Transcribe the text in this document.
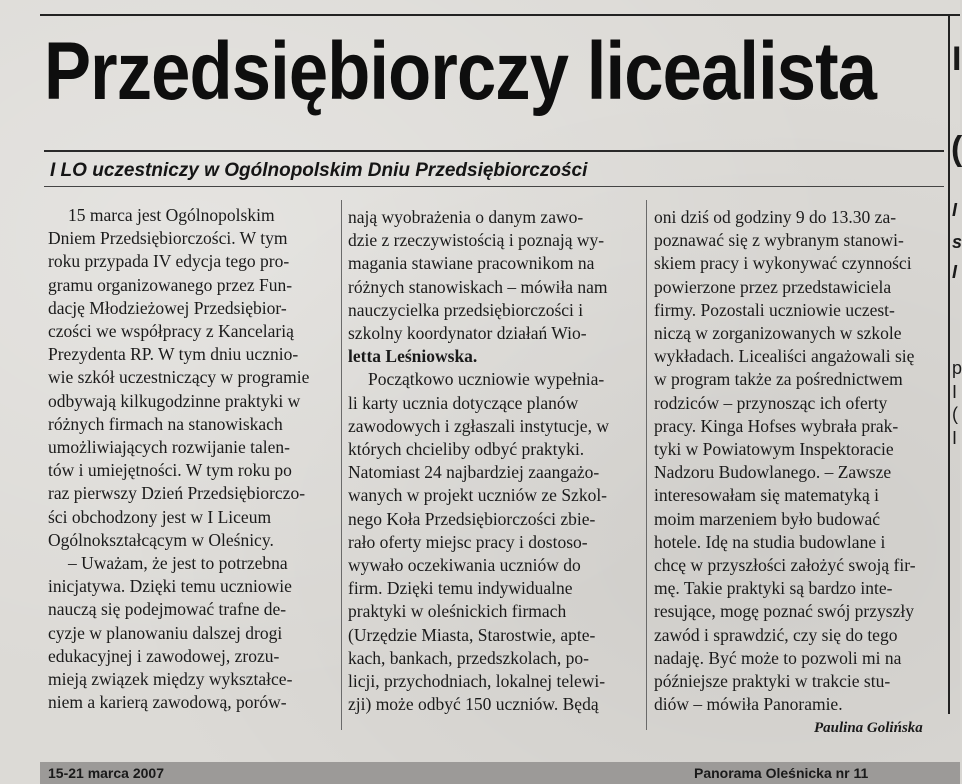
Przedsiębiorczy licealista
I LO uczestniczy w Ogólnopolskim Dniu Przedsiębiorczości

15 marca jest Ogólnopolskim

Dniem Przedsiębiorczości. W tym

roku przypada IV edycja tego pro-

gramu organizowanego przez Fun-

dację Młodzieżowej Przedsiębior-

czości we współpracy z Kancelarią

Prezydenta RP. W tym dniu ucznio-

wie szkół uczestniczący w programie

odbywają kilkugodzinne praktyki w

różnych firmach na stanowiskach

umożliwiających rozwijanie talen-

tów i umiejętności. W tym roku po

raz pierwszy Dzień Przedsiębiorczo-

ści obchodzony jest w I Liceum

Ogólnokształcącym w Oleśnicy.

– Uważam, że jest to potrzebna

inicjatywa. Dzięki temu uczniowie

nauczą się podejmować trafne de-

cyzje w planowaniu dalszej drogi

edukacyjnej i zawodowej, zrozu-

mieją związek między wykształce-

niem a karierą zawodową, porów-

nają wyobrażenia o danym zawo-

dzie z rzeczywistością i poznają wy-

magania stawiane pracownikom na

różnych stanowiskach – mówiła nam

nauczycielka przedsiębiorczości i

szkolny koordynator działań Wio-

letta Leśniowska.

Początkowo uczniowie wypełnia-

li karty ucznia dotyczące planów

zawodowych i zgłaszali instytucje, w

których chcieliby odbyć praktyki.

Natomiast 24 najbardziej zaangażo-

wanych w projekt uczniów ze Szkol-

nego Koła Przedsiębiorczości zbie-

rało oferty miejsc pracy i dostoso-

wywało oczekiwania uczniów do

firm. Dzięki temu indywidualne

praktyki w oleśnickich firmach

(Urzędzie Miasta, Starostwie, aptе-

kach, bankach, przedszkolach, po-

licji, przychodniach, lokalnej telewi-

zji) może odbyć 150 uczniów. Będą

oni dziś od godziny 9 do 13.30 za-

poznawać się z wybranym stanowi-

skiem pracy i wykonywać czynności

powierzone przez przedstawiciela

firmy. Pozostali uczniowie uczest-

niczą w zorganizowanych w szkole

wykładach. Licealiści angażowali się

w program także za pośrednictwem

rodziców – przynosząc ich oferty

pracy. Kinga Hofses wybrała prak-

tyki w Powiatowym Inspektoracie

Nadzoru Budowlanego. – Zawsze

interesowałam się matematyką i

moim marzeniem było budować

hotele. Idę na studia budowlane i

chcę w przyszłości założyć swoją fir-

mę. Takie praktyki są bardzo inte-

resujące, mogę poznać swój przyszły

zawód i sprawdzić, czy się do tego

nadaję. Być może to pozwoli mi na

późniejsze praktyki w trakcie stu-

diów – mówiła Panoramie.

Paulina Golińska
I
(
I
s
I
p
I
(
I
15-21 marca 2007	Panorama Oleśnicka nr 11
